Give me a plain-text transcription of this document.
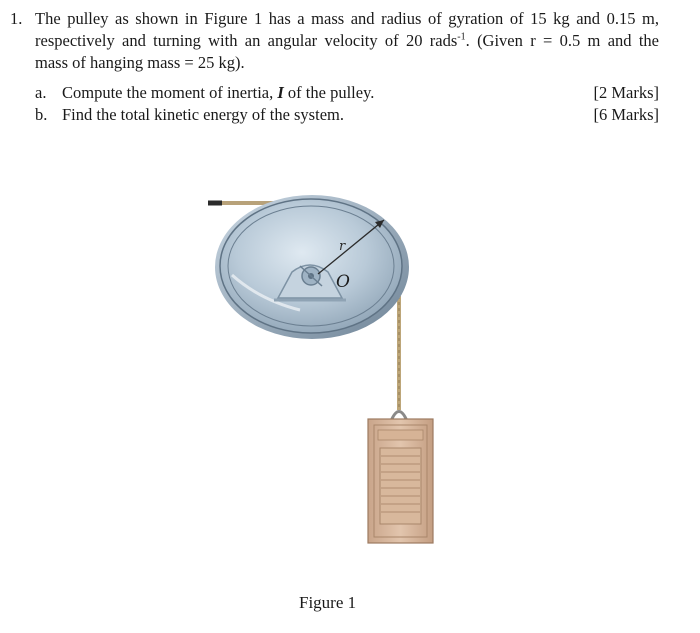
1. The pulley as shown in Figure 1 has a mass and radius of gyration of 15 kg and 0.15 m,
respectively and turning with an angular velocity of 20 rads$^{-1}$. (Given r = 0.5 m and the
mass of hanging mass = 25 kg).
a. Compute the moment of inertia, I of the pulley.	[2 Marks]
b. Find the total kinetic energy of the system.	[6 Marks]
r
O
Figure 1
